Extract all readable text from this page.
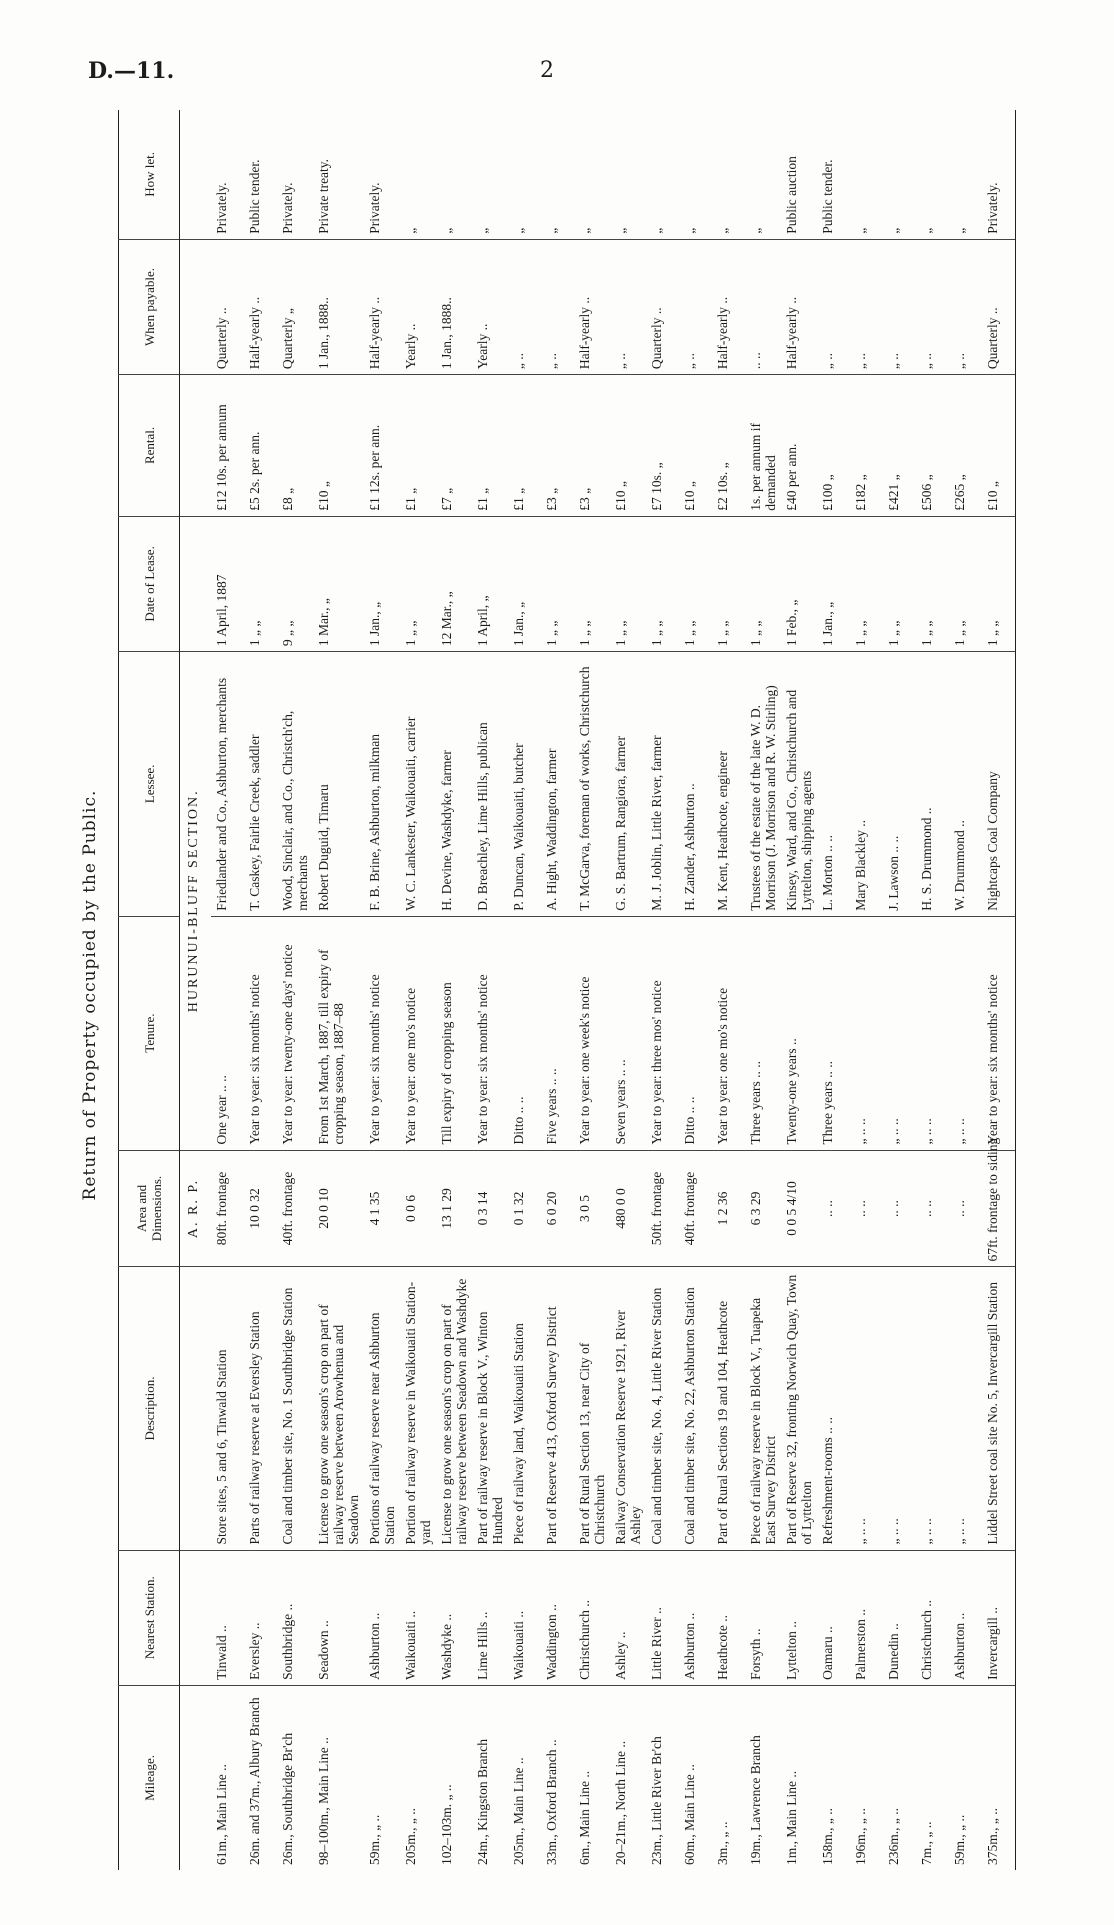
D.—11.	2
Return of Property occupied by the Public.
Mileage.	Nearest Station.	Description.	Area and Dimensions.	Tenure.	Lessee.	Date of Lease.	Rental.	When payable.	How let.
			A. R. P.	HURUNUI-BLUFF SECTION.					
61m., Main Line ..	Tinwald ..	Store sites, 5 and 6, Tinwald Station	80ft. frontage	One year .. ..	Friedlander and Co., Ashburton, merchants	1 April, 1887	£12 10s. per annum	Quarterly ..	Privately.
26m. and 37m., Albury Branch	Eversley ..	Parts of railway reserve at Eversley Station	10 0 32	Year to year: six months' notice	T. Caskey, Fairlie Creek, saddler	1 „ „	£5 2s. per ann.	Half-yearly ..	Public tender.
26m., Southbridge Br'ch	Southbridge ..	Coal and timber site, No. 1 Southbridge Station	40ft. frontage	Year to year: twenty-one days' notice	Wood, Sinclair, and Co., Christch'ch, merchants	9 „ „	£8 „	Quarterly „	Privately.
98–100m., Main Line ..	Seadown ..	License to grow one season's crop on part of railway reserve between Arowhenua and Seadown	20 0 10	From 1st March, 1887, till expiry of cropping season, 1887–88	Robert Duguid, Timaru	1 Mar., „	£10 „	1 Jan., 1888..	Private treaty.
59m., „ ..	Ashburton ..	Portions of railway reserve near Ashburton Station	4 1 35	Year to year: six months' notice	F. B. Brine, Ashburton, milkman	1 Jan., „	£1 12s. per ann.	Half-yearly ..	Privately.
205m., „ ..	Waikouaiti ..	Portion of railway reserve in Waikouaiti Station-yard	0 0 6	Year to year: one mo's notice	W. C. Lankester, Waikouaiti, carrier	1 „ „	£1 „	Yearly ..	„
102–103m. „ ..	Washdyke ..	License to grow one season's crop on part of railway reserve between Seadown and Washdyke	13 1 29	Till expiry of cropping season	H. Devine, Washdyke, farmer	12 Mar., „	£7 „	1 Jan., 1888..	„
24m., Kingston Branch	Lime Hills ..	Part of railway reserve in Block V., Winton Hundred	0 3 14	Year to year: six months' notice	D. Breachley, Lime Hills, publican	1 April, „	£1 „	Yearly ..	„
205m., Main Line ..	Waikouaiti ..	Piece of railway land, Waikouaiti Station	0 1 32	Ditto .. ..	P. Duncan, Waikouaiti, butcher	1 Jan., „	£1 „	„ ..	„
33m., Oxford Branch ..	Waddington ..	Part of Reserve 413, Oxford Survey District	6 0 20	Five years .. ..	A. Hight, Waddington, farmer	1 „ „	£3 „	„ ..	„
6m., Main Line ..	Christchurch ..	Part of Rural Section 13, near City of Christchurch	3 0 5	Year to year: one week's notice	T. McGarva, foreman of works, Christchurch	1 „ „	£3 „	Half-yearly ..	„
20–21m., North Line ..	Ashley ..	Railway Conservation Reserve 1921, River Ashley	480 0 0	Seven years .. ..	G. S. Bartrum, Rangiora, farmer	1 „ „	£10 „	„ ..	„
23m., Little River Br'ch	Little River ..	Coal and timber site, No. 4, Little River Station	50ft. frontage	Year to year: three mos' notice	M. J. Joblin, Little River, farmer	1 „ „	£7 10s. „	Quarterly ..	„
60m., Main Line ..	Ashburton ..	Coal and timber site, No. 22, Ashburton Station	40ft. frontage	Ditto .. ..	H. Zander, Ashburton ..	1 „ „	£10 „	„ ..	„
3m., „ ..	Heathcote ..	Part of Rural Sections 19 and 104, Heathcote	1 2 36	Year to year: one mo's notice	M. Kent, Heathcote, engineer	1 „ „	£2 10s. „	Half-yearly ..	„
19m., Lawrence Branch	Forsyth ..	Piece of railway reserve in Block V., Tuapeka East Survey District	6 3 29	Three years .. ..	Trustees of the estate of the late W. D. Morrison (J. Morrison and R. W. Stirling)	1 „ „	1s. per annum if demanded	.. ..	„
1m., Main Line ..	Lyttelton ..	Part of Reserve 32, fronting Norwich Quay, Town of Lyttelton	0 0 5 4/10	Twenty-one years ..	Kinsey, Ward, and Co., Christchurch and Lyttelton, shipping agents	1 Feb., „	£40 per ann.	Half-yearly ..	Public auction
158m., „ ..	Oamaru ..	Refreshment-rooms .. ..	.. ..	Three years .. ..	L. Morton .. ..	1 Jan., „	£100 „	„ ..	Public tender.
196m., „ ..	Palmerston ..	„ .. ..	.. ..	„ .. ..	Mary Blackley ..	1 „ „	£182 „	„ ..	„
236m., „ ..	Dunedin ..	„ .. ..	.. ..	„ .. ..	J. Lawson .. ..	1 „ „	£421 „	„ ..	„
7m., „ ..	Christchurch ..	„ .. ..	.. ..	„ .. ..	H. S. Drummond ..	1 „ „	£506 „	„ ..	„
59m., „ ..	Ashburton ..	„ .. ..	.. ..	„ .. ..	W. Drummond ..	1 „ „	£265 „	„ ..	„
375m., „ ..	Invercargill ..	Liddel Street coal site No. 5, Invercargill Station	67ft. frontage to siding	Year to year: six months' notice	Nightcaps Coal Company	1 „ „	£10 „	Quarterly ..	Privately.
